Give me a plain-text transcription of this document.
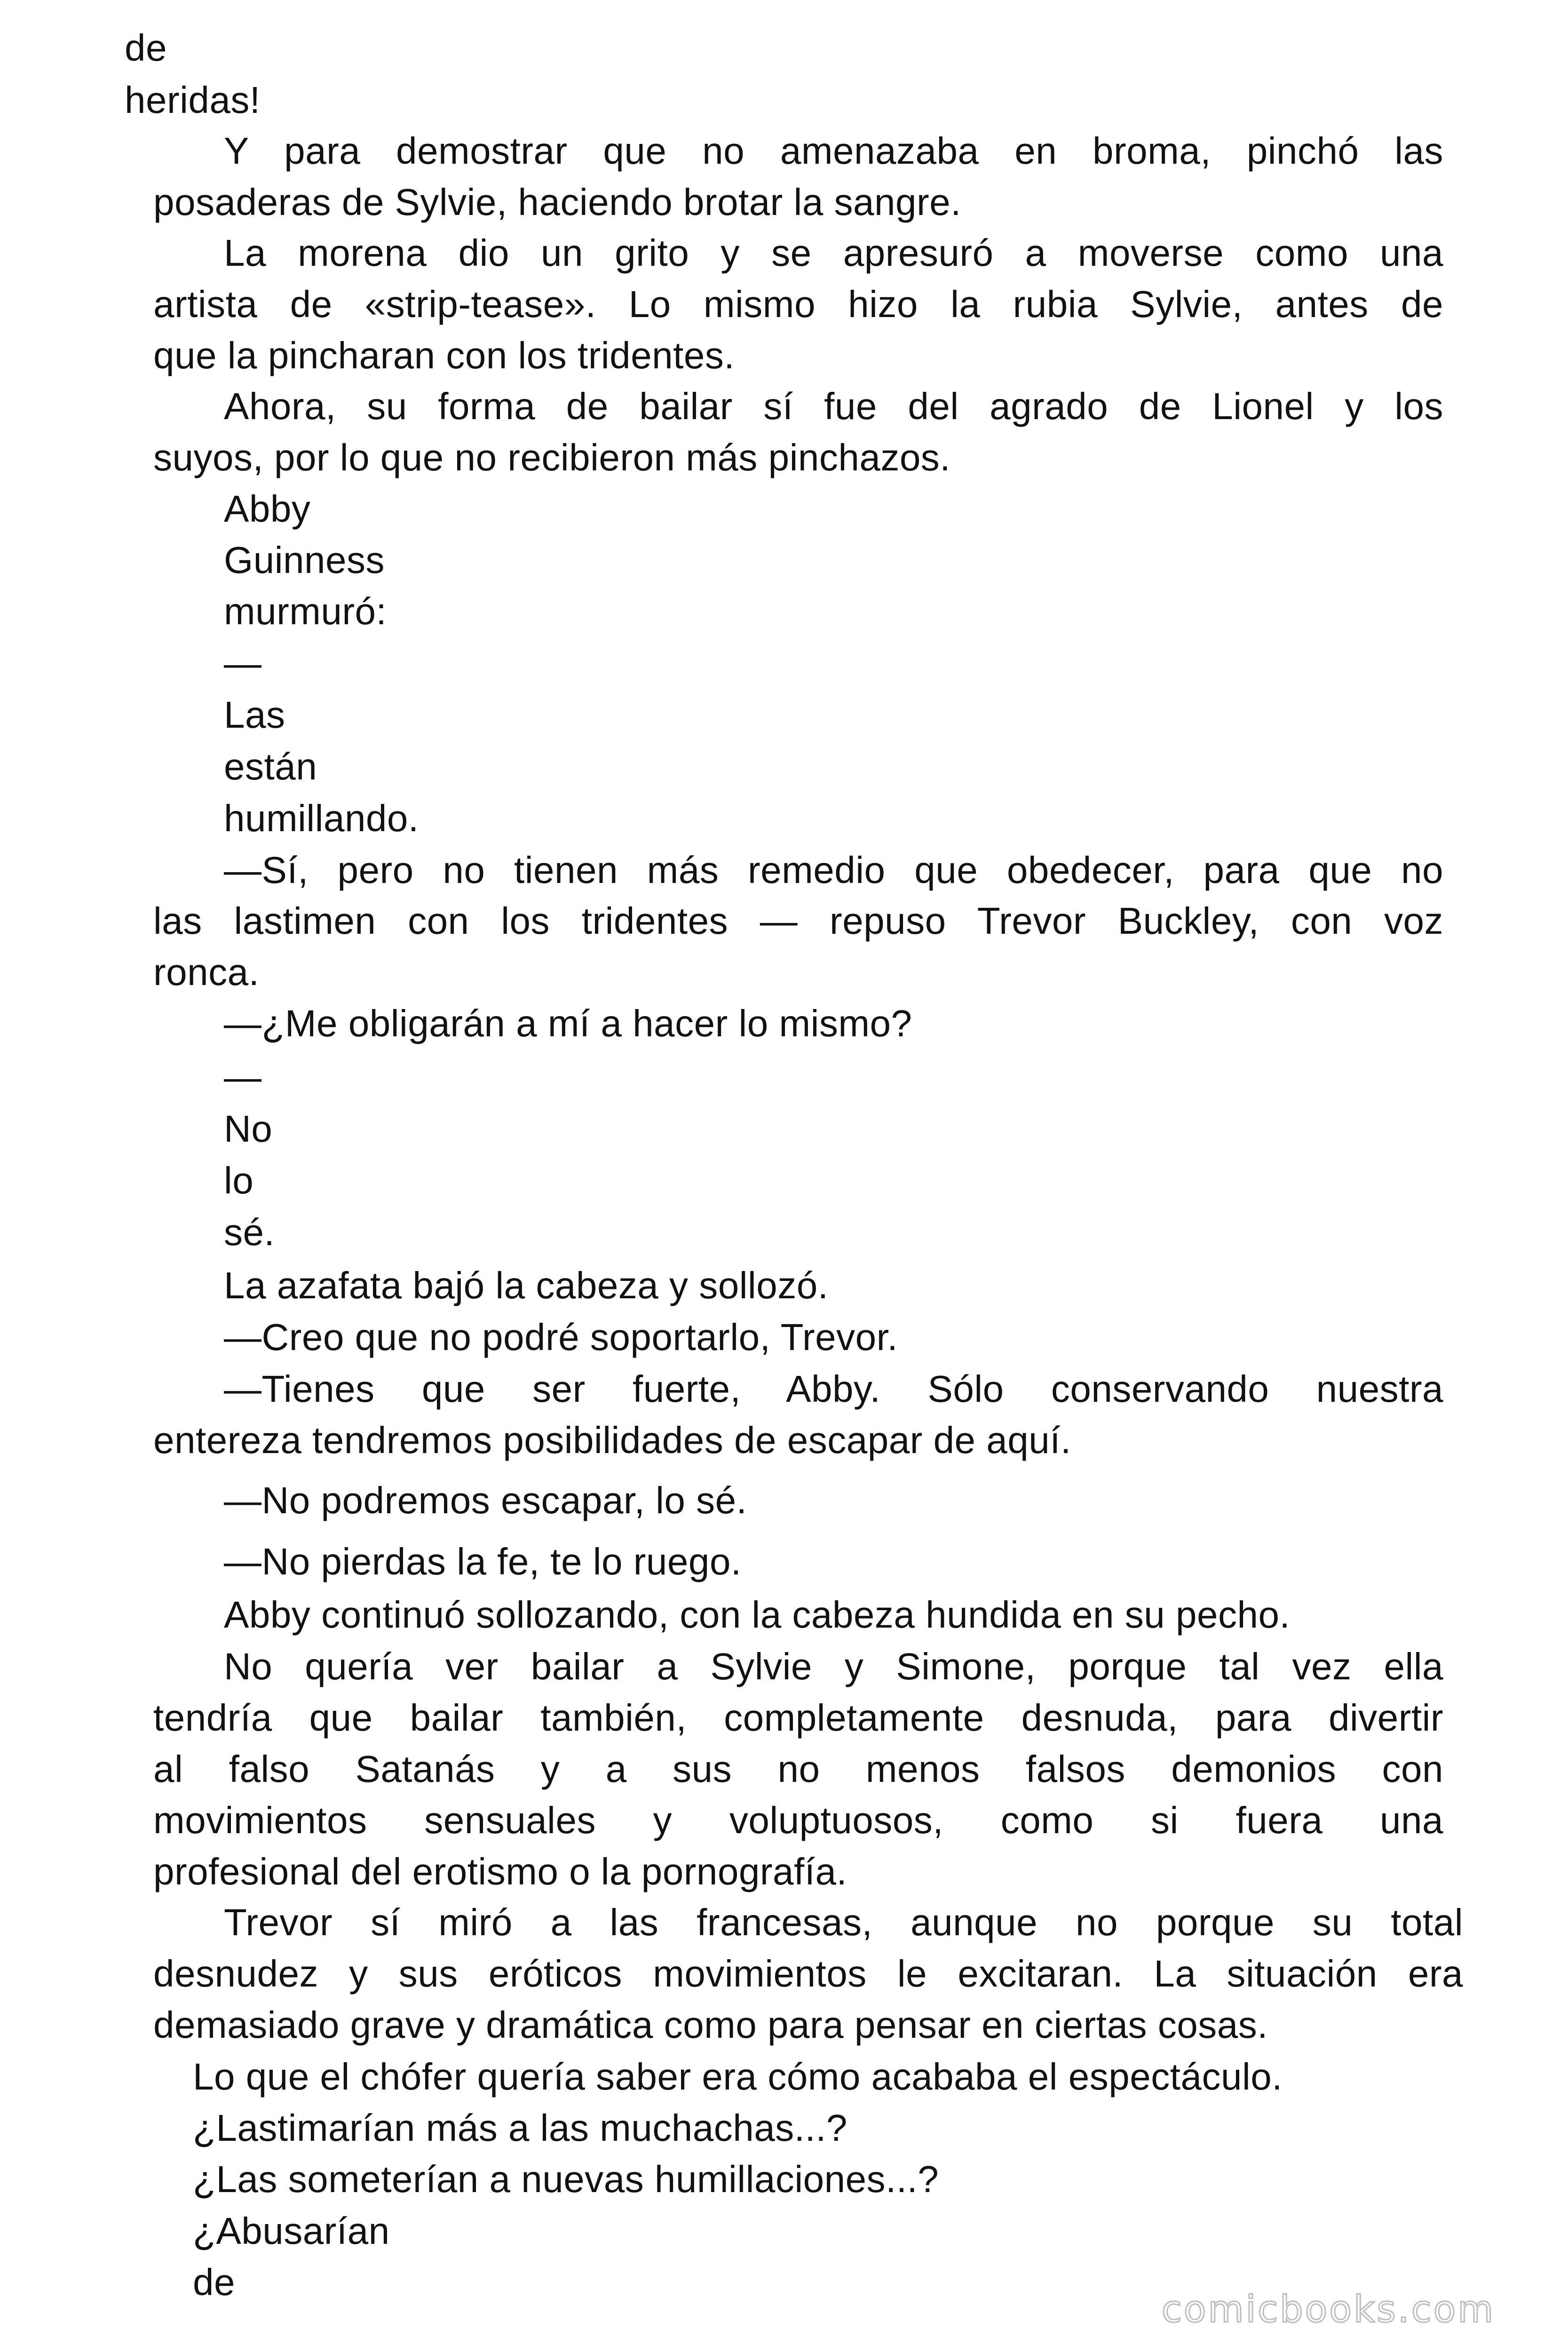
de
heridas!
Y para demostrar que no amenazaba en broma, pinchó las
posaderas de Sylvie, haciendo brotar la sangre.
La morena dio un grito y se apresuró a moverse como una
artista de «strip-tease». Lo mismo hizo la rubia Sylvie, antes de
que la pincharan con los tridentes.
Ahora, su forma de bailar sí fue del agrado de Lionel y los
suyos, por lo que no recibieron más pinchazos.
Abby
Guinness
murmuró:
—
Las
están
humillando.
—Sí, pero no tienen más remedio que obedecer, para que no
las lastimen con los tridentes — repuso Trevor Buckley, con voz
ronca.
—¿Me obligarán a mí a hacer lo mismo?
—
No
lo
sé.
La azafata bajó la cabeza y sollozó.
—Creo que no podré soportarlo, Trevor.
—Tienes que ser fuerte, Abby. Sólo conservando nuestra
entereza tendremos posibilidades de escapar de aquí.
—No podremos escapar, lo sé.
—No pierdas la fe, te lo ruego.
Abby continuó sollozando, con la cabeza hundida en su pecho.
No quería ver bailar a Sylvie y Simone, porque tal vez ella
tendría que bailar también, completamente desnuda, para divertir
al falso Satanás y a sus no menos falsos demonios con
movimientos sensuales y voluptuosos, como si fuera una
profesional del erotismo o la pornografía.
Trevor sí miró a las francesas, aunque no porque su total
desnudez y sus eróticos movimientos le excitaran. La situación era
demasiado grave y dramática como para pensar en ciertas cosas.
Lo que el chófer quería saber era cómo acababa el espectáculo.
¿Lastimarían más a las muchachas...?
¿Las someterían a nuevas humillaciones...?
¿Abusarían
de
comicbooks.com
